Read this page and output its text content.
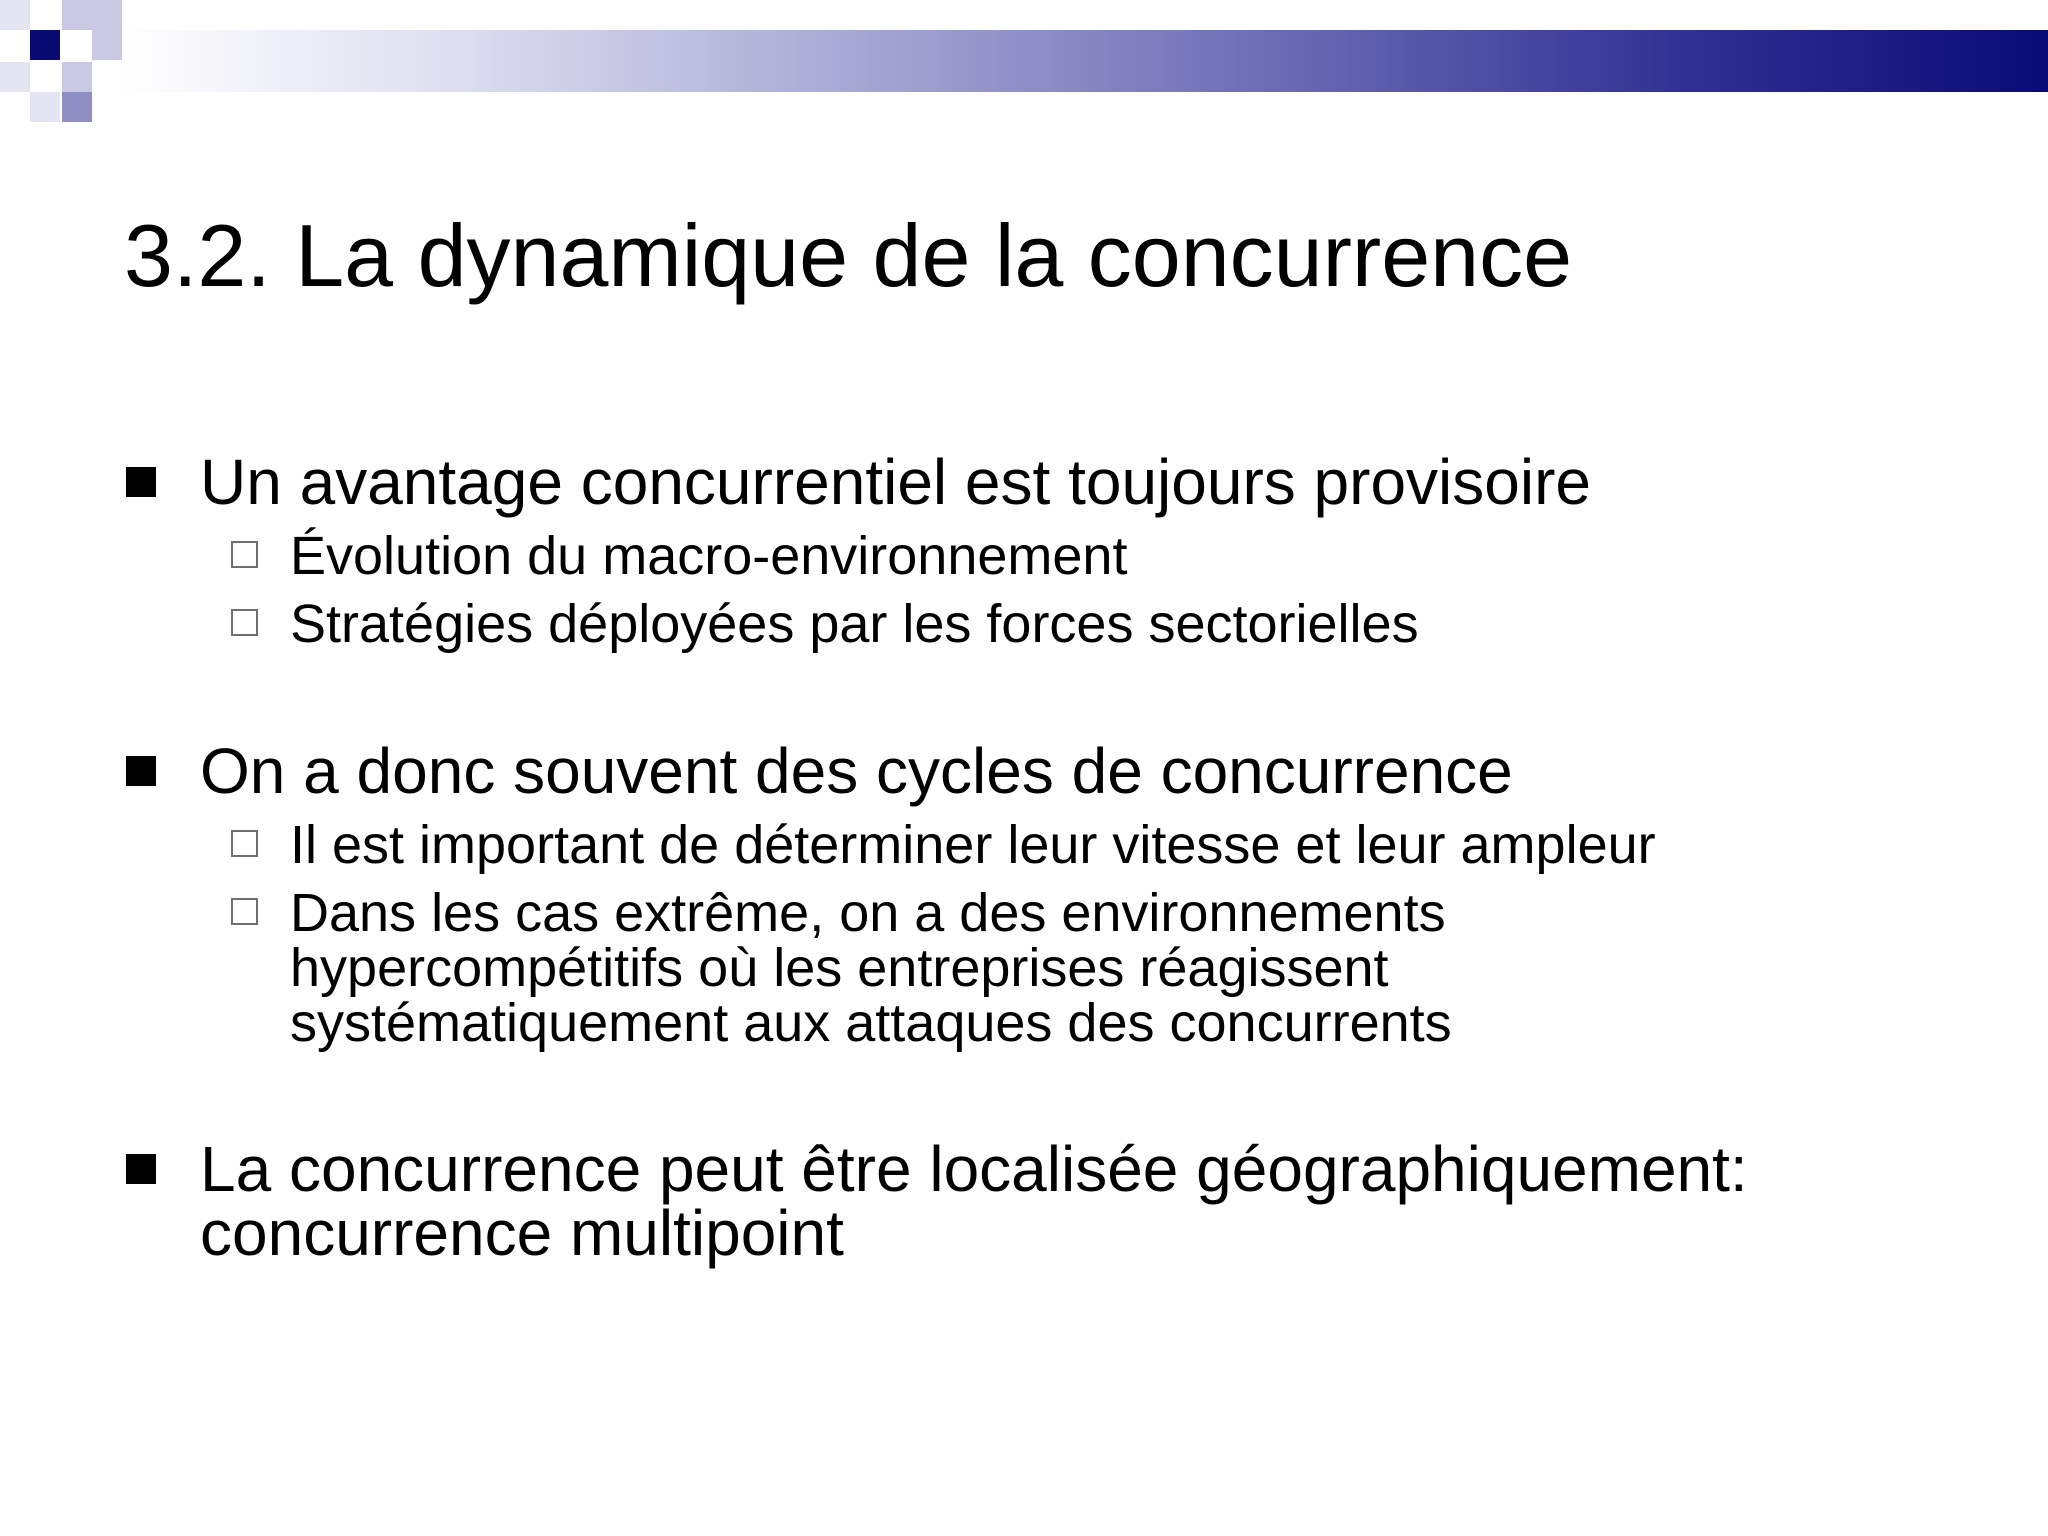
3.2. La dynamique de la concurrence
Un avantage concurrentiel est toujours provisoire
Évolution du macro-environnement
Stratégies déployées par les forces sectorielles
On a donc souvent des cycles de concurrence
Il est important de déterminer leur vitesse et leur ampleur
Dans les cas extrême, on a des environnements
hypercompétitifs où les entreprises réagissent
systématiquement aux attaques des concurrents
La concurrence peut être localisée géographiquement:
concurrence multipoint
